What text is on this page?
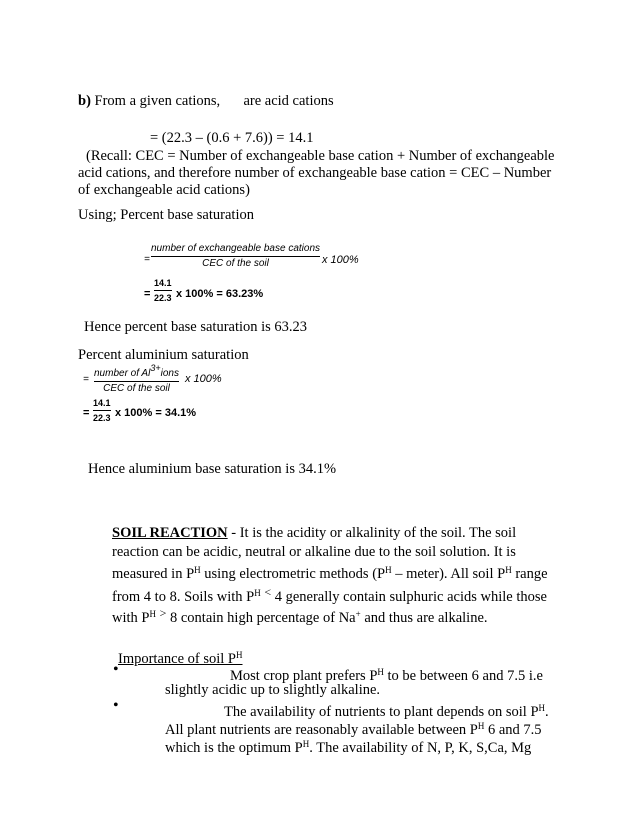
b) From a given cations, are acid cations
= (22.3 – (0.6 + 7.6)) = 14.1
(Recall: CEC = Number of exchangeable base cation + Number of exchangeable
acid cations, and therefore number of exchangeable base cation = CEC – Number
of exchangeable acid cations)
Using; Percent base saturation
=
number of exchangeable base cations
CEC of the soil	x 100%
=
14.1
22.3 x 100% = 63.23%
Hence percent base saturation is 63.23
Percent aluminium saturation
=
number of $Al^{3+}ions$
CEC of the soil
x 100%
=
14.1
22.3 x 100% = 34.1%
Hence aluminium base saturation is 34.1%
SOIL REACTION - It is the acidity or alkalinity of the soil. The soil
reaction can be acidic, neutral or alkaline due to the soil solution. It is
measured in $P^H$ using electrometric methods ($P^H$ – meter). All soil $P^H$ range
from 4 to 8. Soils with $P^H$ < 4 generally contain sulphuric acids while those
with $P^H$ > 8 contain high percentage of Na+ and thus are alkaline.
Importance of soil $P^H$
•	Most crop plant prefers $P^H$ to be between 6 and 7.5 i.e
slightly acidic up to slightly alkaline.
•	The availability of nutrients to plant depends on soil $P^H$.
All plant nutrients are reasonably available between $P^H$ 6 and 7.5
which is the optimum $P^H$. The availability of N, P, K, S,Ca, Mg
